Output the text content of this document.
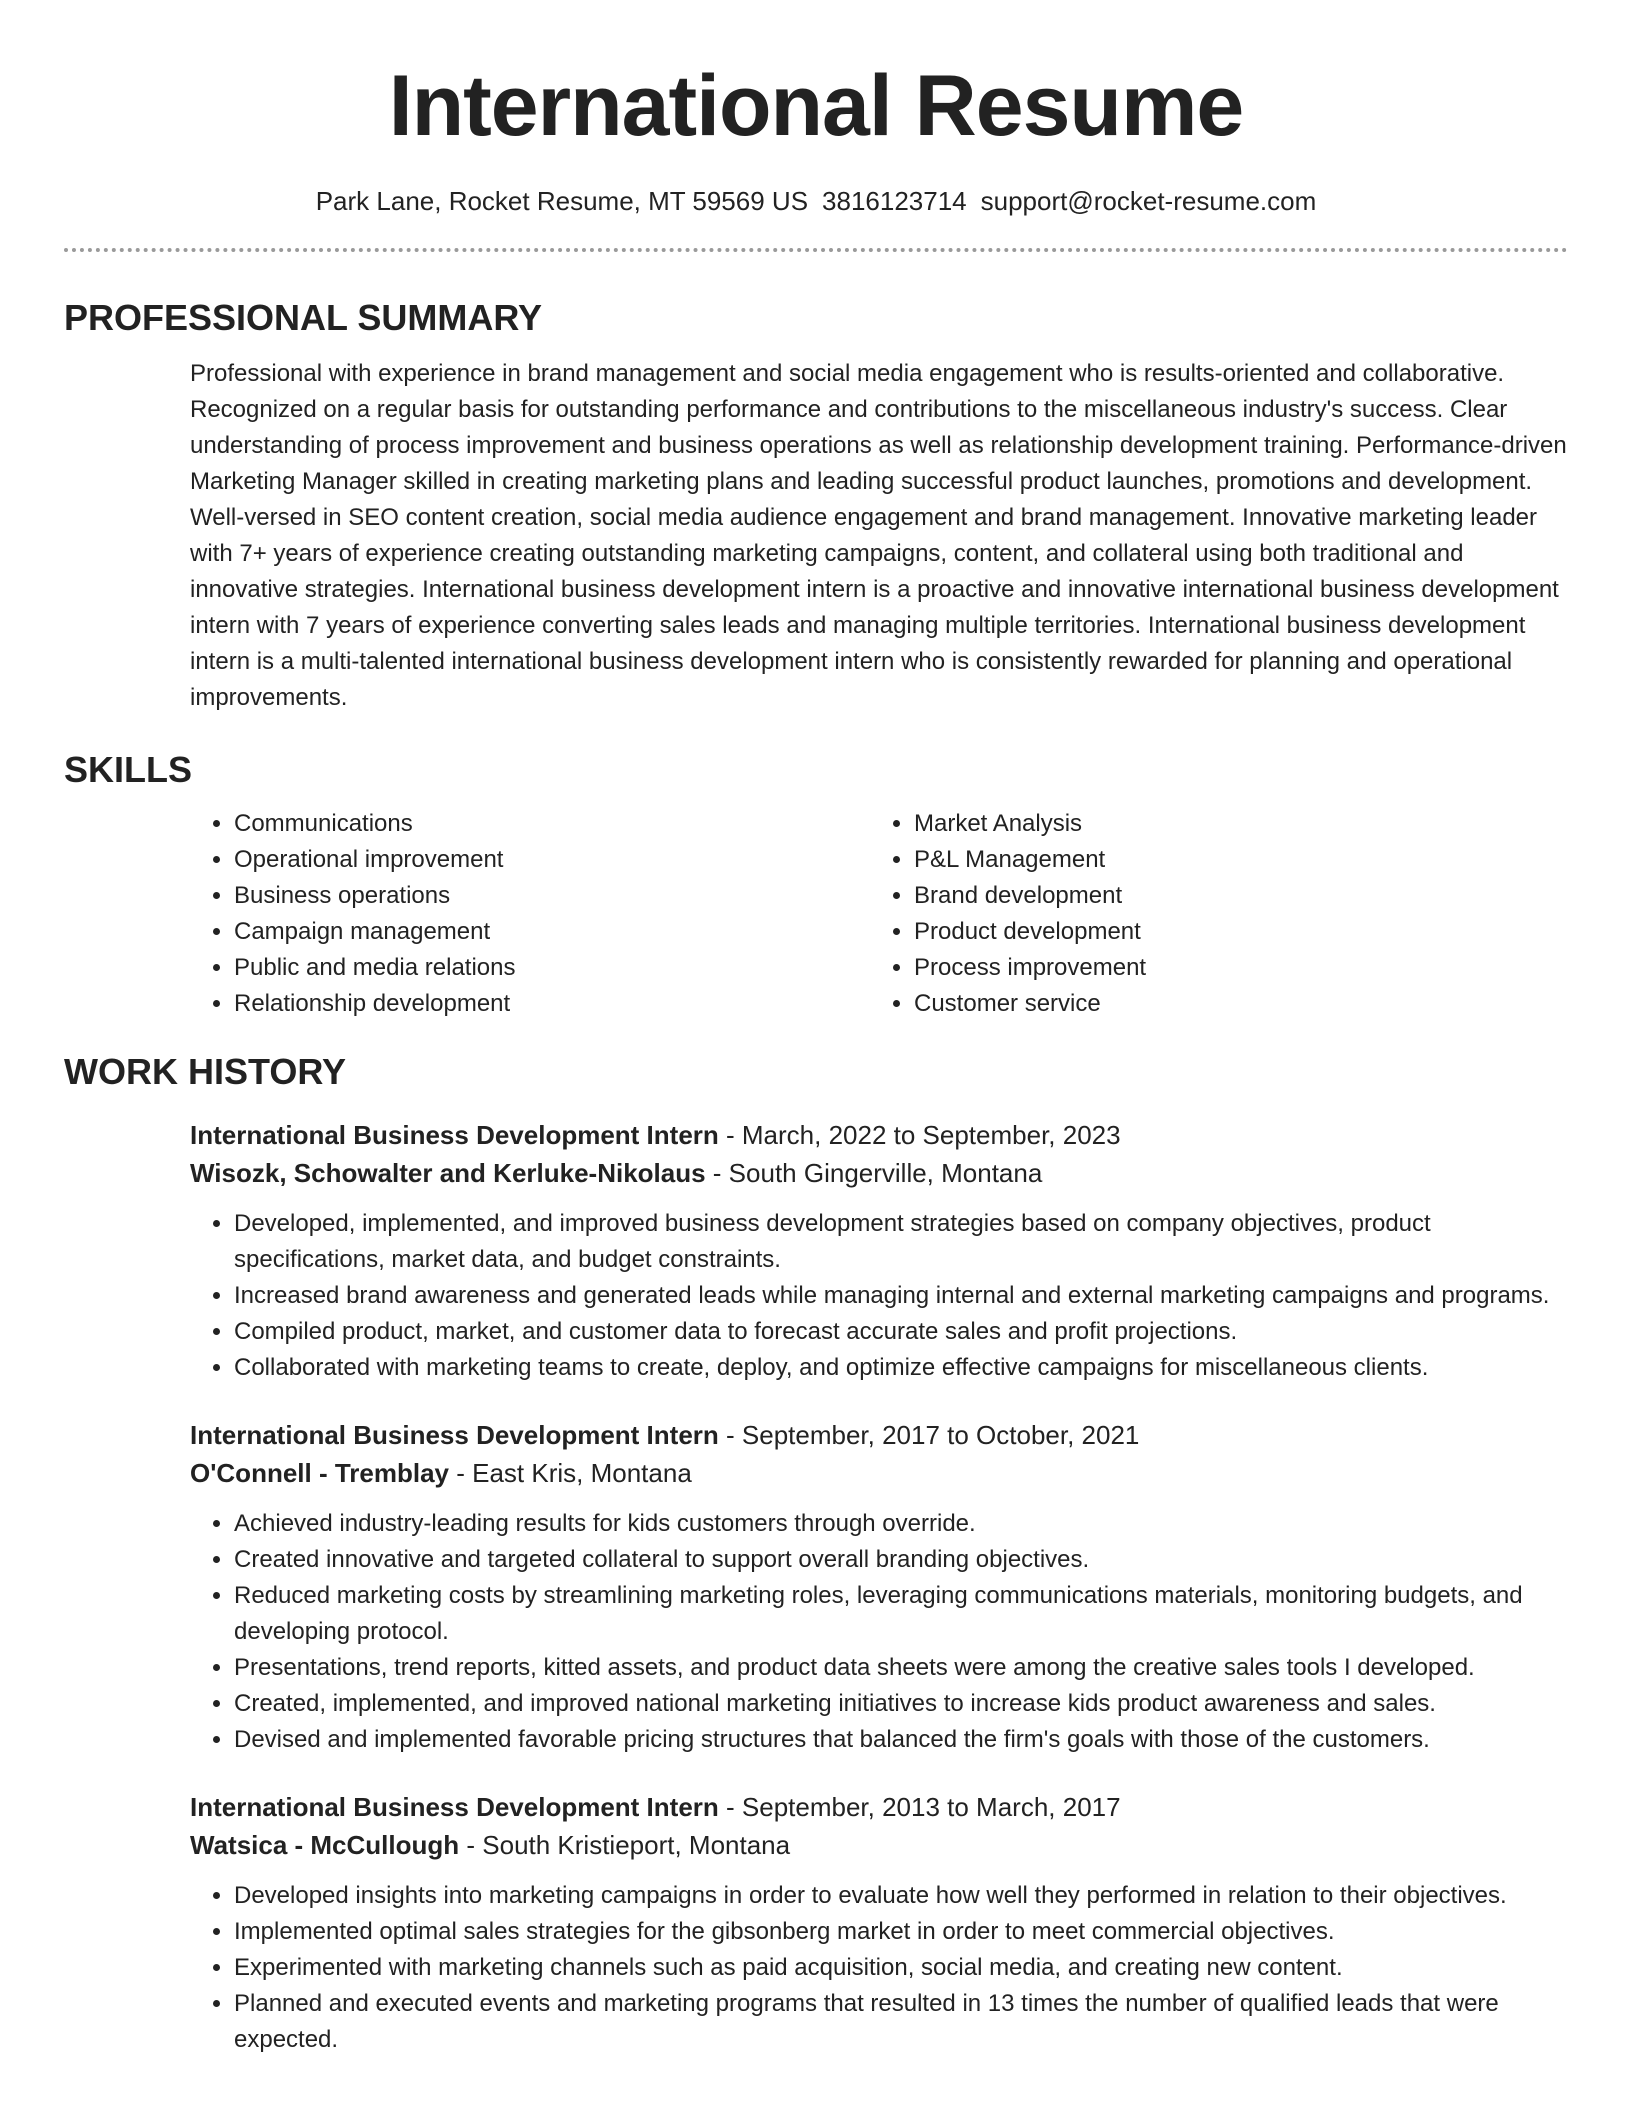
International Resume
Park Lane, Rocket Resume, MT 59569 US 3816123714 support@rocket-resume.com
PROFESSIONAL SUMMARY

Professional with experience in brand management and social media engagement who is results-oriented and collaborative. Recognized on a regular basis for outstanding performance and contributions to the miscellaneous industry's success. Clear understanding of process improvement and business operations as well as relationship development training. Performance-driven Marketing Manager skilled in creating marketing plans and leading successful product launches, promotions and development. Well-versed in SEO content creation, social media audience engagement and brand management. Innovative marketing leader with 7+ years of experience creating outstanding marketing campaigns, content, and collateral using both traditional and innovative strategies. International business development intern is a proactive and innovative international business development intern with 7 years of experience converting sales leads and managing multiple territories. International business development intern is a multi-talented international business development intern who is consistently rewarded for planning and operational improvements.

SKILLS
• Communications
• Operational improvement
• Business operations
• Campaign management
• Public and media relations
• Relationship development
• Market Analysis
• P&L Management
• Brand development
• Product development
• Process improvement
• Customer service
WORK HISTORY
International Business Development Intern - March, 2022 to September, 2023
Wisozk, Schowalter and Kerluke-Nikolaus - South Gingerville, Montana
• Developed, implemented, and improved business development strategies based on company objectives, product specifications, market data, and budget constraints.
• Increased brand awareness and generated leads while managing internal and external marketing campaigns and programs.
• Compiled product, market, and customer data to forecast accurate sales and profit projections.
• Collaborated with marketing teams to create, deploy, and optimize effective campaigns for miscellaneous clients.
International Business Development Intern - September, 2017 to October, 2021
O'Connell - Tremblay - East Kris, Montana
• Achieved industry-leading results for kids customers through override.
• Created innovative and targeted collateral to support overall branding objectives.
• Reduced marketing costs by streamlining marketing roles, leveraging communications materials, monitoring budgets, and developing protocol.
• Presentations, trend reports, kitted assets, and product data sheets were among the creative sales tools I developed.
• Created, implemented, and improved national marketing initiatives to increase kids product awareness and sales.
• Devised and implemented favorable pricing structures that balanced the firm's goals with those of the customers.
International Business Development Intern - September, 2013 to March, 2017
Watsica - McCullough - South Kristieport, Montana
• Developed insights into marketing campaigns in order to evaluate how well they performed in relation to their objectives.
• Implemented optimal sales strategies for the gibsonberg market in order to meet commercial objectives.
• Experimented with marketing channels such as paid acquisition, social media, and creating new content.
• Planned and executed events and marketing programs that resulted in 13 times the number of qualified leads that were expected.
